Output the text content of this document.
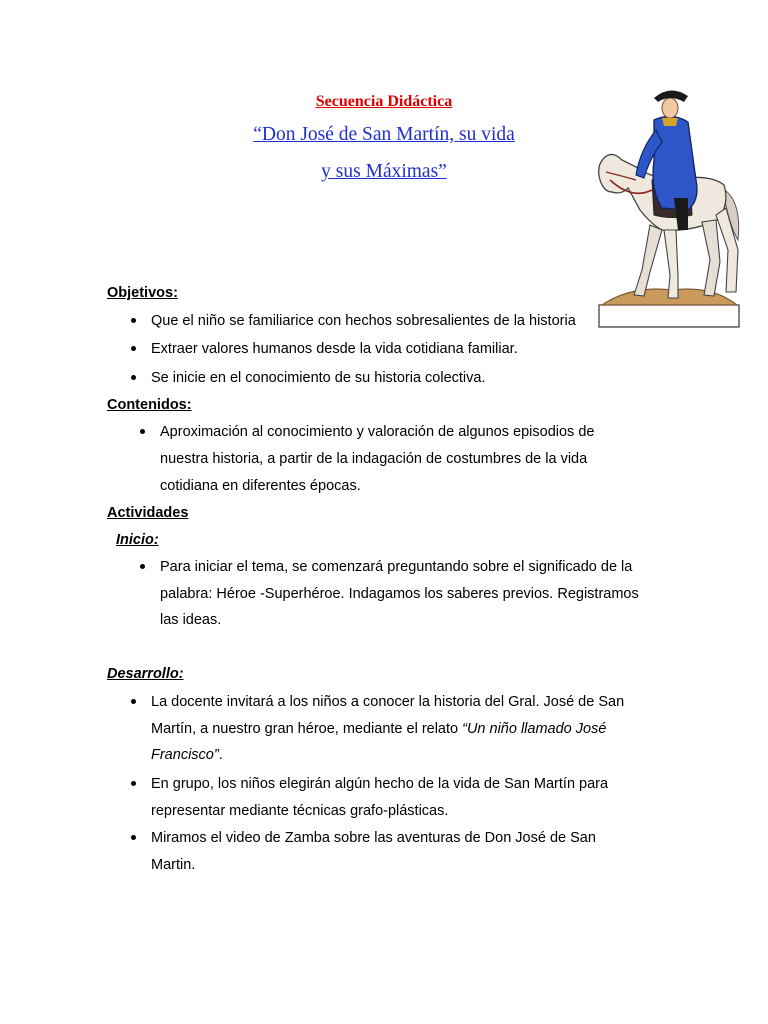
Secuencia Didáctica
“Don José de San Martín, su vida
y sus Máximas”
Objetivos:
Que el niño se familiarice con hechos sobresalientes de la historia
Extraer valores humanos desde la vida cotidiana familiar.
Se inicie en el conocimiento de su historia colectiva.
Contenidos:
Aproximación al conocimiento y valoración de algunos episodios de
nuestra historia, a partir de la indagación de costumbres de la vida
cotidiana en diferentes épocas.
Actividades
Inicio:
Para iniciar el tema, se comenzará preguntando sobre el significado de la
palabra: Héroe -Superhéroe. Indagamos los saberes previos. Registramos
las ideas.
Desarrollo:
La docente invitará a los niños a conocer la historia del Gral. José de San
Martín, a nuestro gran héroe, mediante el relato “Un niño llamado José
Francisco”.
En grupo, los niños elegirán algún hecho de la vida de San Martín para
representar mediante técnicas grafo-plásticas.
Miramos el video de Zamba sobre las aventuras de Don José de San
Martin.
